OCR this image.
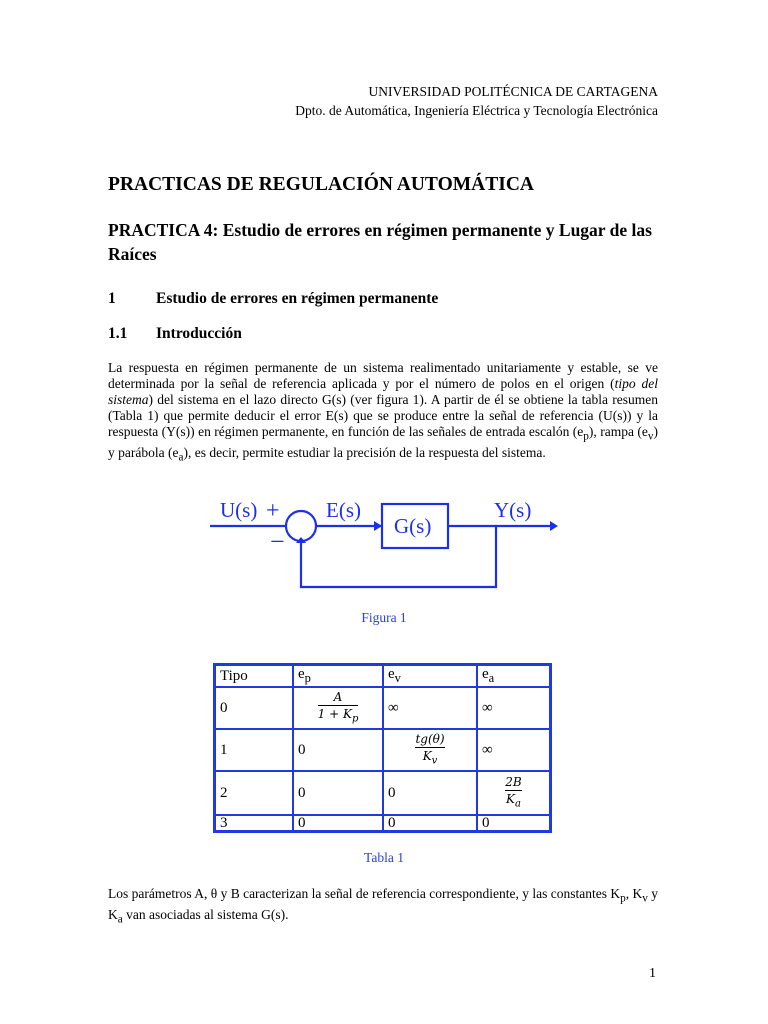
UNIVERSIDAD POLITÉCNICA DE CARTAGENA
Dpto. de Automática, Ingeniería Eléctrica y Tecnología Electrónica
PRACTICAS DE REGULACIÓN AUTOMÁTICA
PRACTICA 4: Estudio de errores en régimen permanente y Lugar de las Raíces
1	Estudio de errores en régimen permanente
1.1 Introducción

La respuesta en régimen permanente de un sistema realimentado unitariamente y estable, se ve determinada por la señal de referencia aplicada y por el número de polos en el origen (tipo del sistema) del sistema en el lazo directo G(s) (ver figura 1). A partir de él se obtiene la tabla resumen (Tabla 1) que permite deducir el error E(s) que se produce entre la señal de referencia (U(s)) y la respuesta (Y(s)) en régimen permanente, en función de las señales de entrada escalón $(e_p)$, rampa $(e_v)$ y parábola $(e_a)$, es decir, permite estudiar la precisión de la respuesta del sistema.

U(s) +
−
E(s)
G(s)
Y(s)
Figura 1
Tipo	$e_p$	$e_v$	$e_a$
0	$\frac{A}{1 + K_p}$	∞	∞
1	0	$\frac{tg(\theta)}{K_v}$	∞
2	0	0	$\frac{2B}{K_a}$

3	0	0	0
Tabla 1

Los parámetros A, θ y B caracterizan la señal de referencia correspondiente, y las constantes $K_p$, $K_v$ y $K_a$ van asociadas al sistema G(s).

1
